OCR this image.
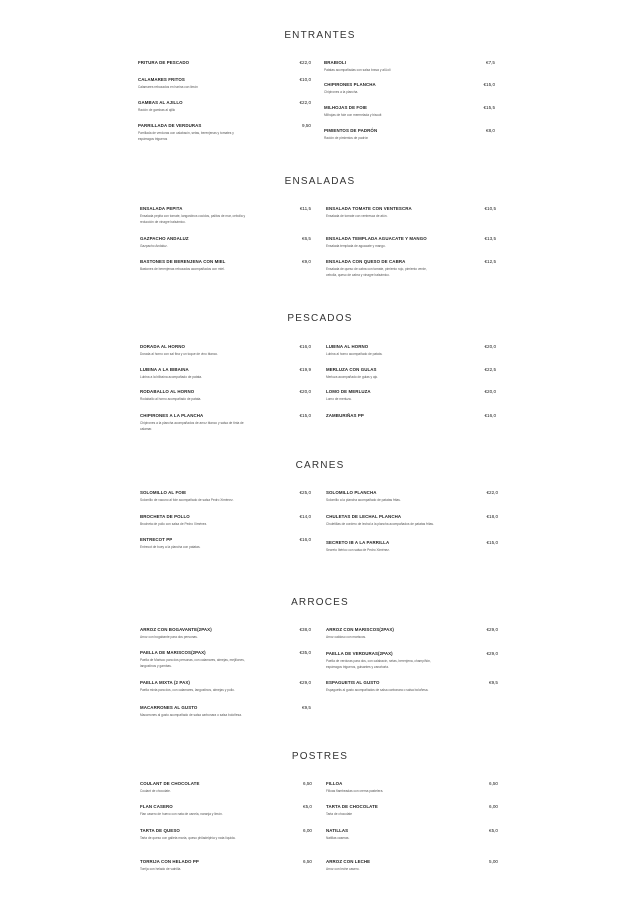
ENTRANTES
FRITURA DE PESCADO	€22,0
CALAMARES FRITOS	€10,0
Calamares rebozados en harina con limón
GAMBAS AL AJILLO	€22,0
Ración de gambas al ajillo
PARRILLADA DE VERDURAS	9,50
Parrillada de verduras con calabacín, setas, berenjenas y tomates y espárragos trigueros
BRABIOLI	€7,5
Patatas acompañadas con salsa brava y all-ioli
CHIPIRONES PLANCHA	€15,0
Chipirones a la plancha.
MILHOJAS DE FOIE	€15,5
Milhojas de foie con mermelada y biscuit
PIMIENTOS DE PADRÓN	€8,0
Ración de pimientos de padrón
ENSALADAS
ENSALADA PEPITA	€11,5
Ensalada pepita con tomate, langostinos cocidos, palitos de mar, cebolla y reducción de vinagre balsámico.
GAZPACHO ANDALUZ	€6,5
Gazpacho Andaluz.
BASTONES DE BERENJENA CON MIEL	€9,0
Bastones de berenjenas rebozados acompañados con miel.
ENSALADA TOMATE CON VENTESCRA	€10,5
Ensalada de tomate con ventresca de atún.
ENSALADA TEMPLADA AGUACATE Y MANGO	€13,5
Ensalada templada de aguacate y mango.
ENSALADA CON QUESO DE CABRA	€12,5
Ensalada de queso de cabra con tomate, pimiento rojo, pimiento verde, cebolla, queso de cabra y vinagre balsámico.
PESCADOS
DORADA AL HORNO	€16,0
Dorada al horno con sal fina y un toque de vino blanco.
LUBINA A LA BIBAINA	€19,9
Lubina a la bilbaína acompañado de patata.
RODABALLO AL HORNO	€20,0
Rodaballo al horno acompañado de patata.
CHIPIRONES A LA PLANCHA	€15,0
Chipirones a la plancha acompañados de arroz blanco y salsa de tinta de calamar.
LUBINA AL HORNO	€20,0
Lubina al horno acompañado de patata.
MERLUZA CON GULAS	€22,5
Merluza acompañado de gulas y ajo.
LOMO DE MERLUZA	€20,0
Lomo de merluza.
ZAMBURIÑAS PP	€16,0
CARNES
SOLOMILLO AL FOIE	€25,0
Solomillo de vacuno al foie acompañado de salsa Pedro Ximénez.
BROCHETA DE POLLO	€14,0
Brocheta de pollo con salsa de Pedro Ximénez.
ENTRECOT PP	€16,0
Entrecot de buey a la plancha con patatas.
SOLOMILLO PLANCHA	€22,0
Solomillo a la plancha acompañado de patatas fritas.
CHULETAS DE LECHAL PLANCHA	€18,0
Chuletillas de cordero de lechal a la plancha acompañados de patatas fritas.
SECRETO IB A LA PARRILLA	€15,0
Secreto Ibérico con salsa de Pedro Ximénez.
ARROCES
ARROZ CON BOGAVANTE(2PAX)	€38,0
Arroz con bogabante para dos personas.
PAELLA DE MARISCOS(2PAX)	€35,0
Paella de Marisco para dos personas, con calamares, almejas, mejillones, langostinos y gambas.
PAELLA MIXTA (2 PAX)	€29,0
Paella mixta para dos, con calamares, langostinos, almejas y pollo.
MACARRONES AL GUSTO	€9,5
Macarrones al gusto acompañado de salsa carbonara o salsa boloñesa.
ARROZ CON MARISCOS(2PAX)	€29,0
Arroz caldoso con mariscos.
PAELLA DE VERDURAS(2PAX)	€29,0
Paella de verduras para dos, con calabacín, setas, berenjena, champiñón, espárragos trigueros, guisantes y zanahoria.
ESPAGUETIS AL GUSTO	€9,5
Espaguetis al gusto acompañados de salsa carbonara o salsa boloñesa.
POSTRES
COULANT DE CHOCOLATE	6,50
Coulant de chocolate.
FLAN CASERO	€5,0
Flan casero de huevo con nata de canela, naranja y limón.
TARTA DE QUESO	6,00
Tarta de queso con galleta maría, queso philadelphia y nata líquida.
TORRIJA CON HELADO PP	6,50
Torrija con helado de vainilla.
FILLOA	6,50
Filloas flambeadas con crema pastelera.
TARTA DE CHOCOLATE	6,00
Tarta de chocolate
NATILLAS	€5,0
Natillas caseras.
ARROZ CON LECHE	5,00
Arroz con leche casero.
